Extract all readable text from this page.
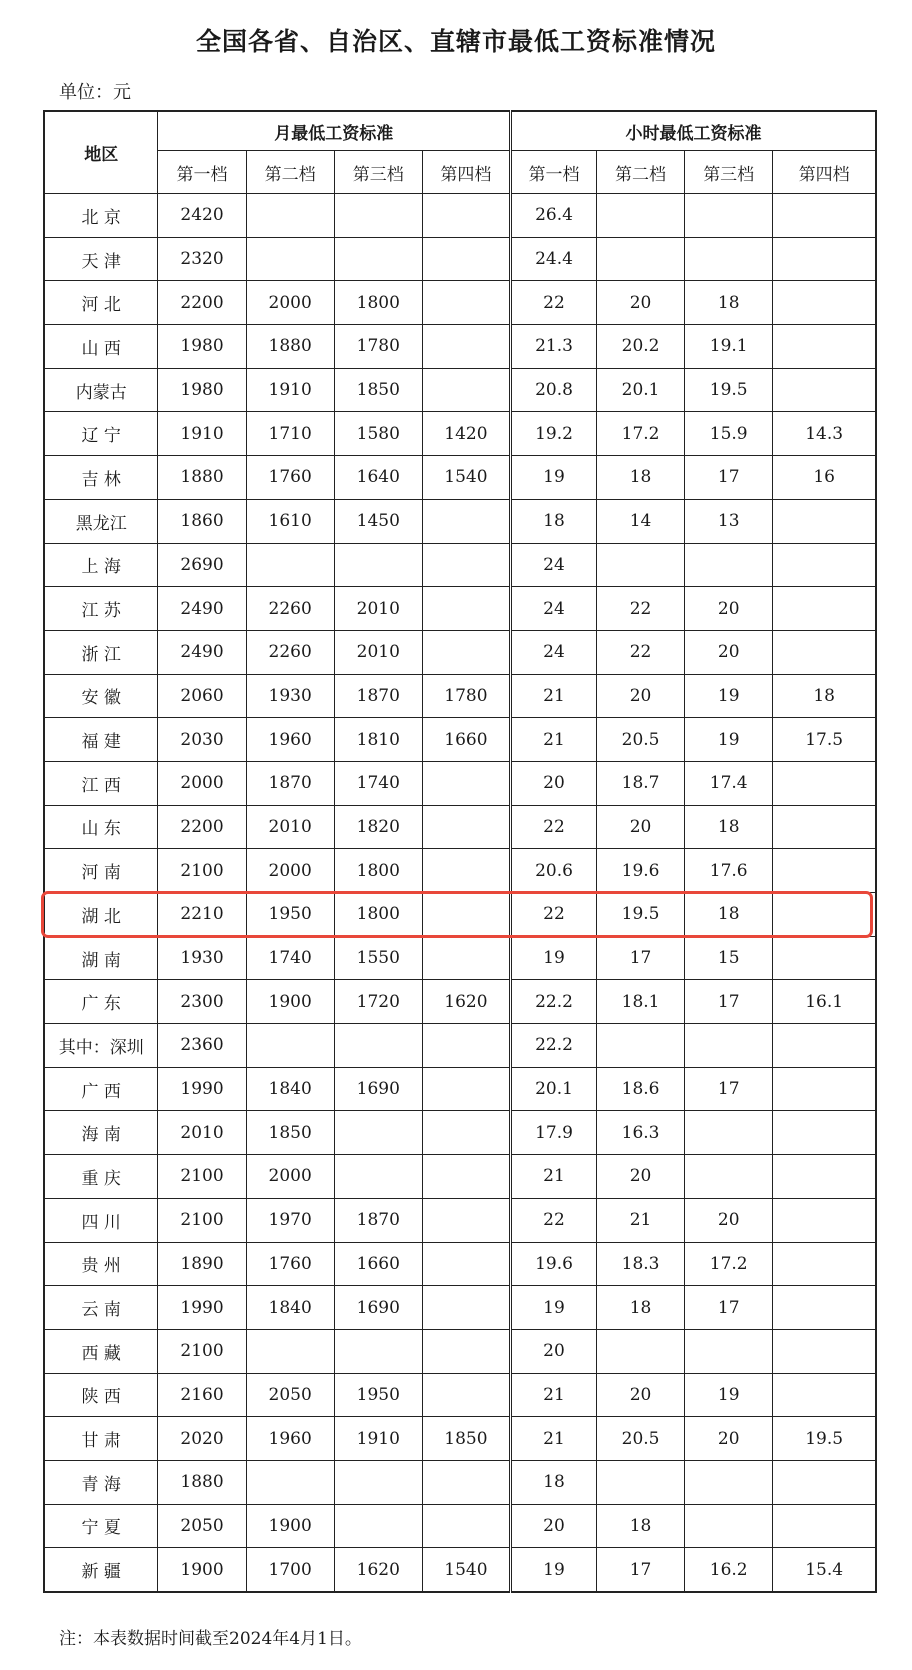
全国各省、自治区、直辖市最低工资标准情况
单位：元
地区	月最低工资标准				小时最低工资标准			
	第一档	第二档	第三档	第四档	第一档	第二档	第三档	第四档
北 京	2420				26.4			
天 津	2320				24.4			
河 北	2200	2000	1800		22	20	18	
山 西	1980	1880	1780		21.3	20.2	19.1	
内蒙古	1980	1910	1850		20.8	20.1	19.5	
辽 宁	1910	1710	1580	1420	19.2	17.2	15.9	14.3
吉 林	1880	1760	1640	1540	19	18	17	16
黑龙江	1860	1610	1450		18	14	13	
上 海	2690				24			
江 苏	2490	2260	2010		24	22	20	
浙 江	2490	2260	2010		24	22	20	
安 徽	2060	1930	1870	1780	21	20	19	18
福 建	2030	1960	1810	1660	21	20.5	19	17.5
江 西	2000	1870	1740		20	18.7	17.4	
山 东	2200	2010	1820		22	20	18	
河 南	2100	2000	1800		20.6	19.6	17.6	
湖 北	2210	1950	1800		22	19.5	18	
湖 南	1930	1740	1550		19	17	15	
广 东	2300	1900	1720	1620	22.2	18.1	17	16.1
其中：深圳	2360				22.2			
广 西	1990	1840	1690		20.1	18.6	17	
海 南	2010	1850			17.9	16.3		
重 庆	2100	2000			21	20		
四 川	2100	1970	1870		22	21	20	
贵 州	1890	1760	1660		19.6	18.3	17.2	
云 南	1990	1840	1690		19	18	17	
西 藏	2100				20			
陕 西	2160	2050	1950		21	20	19	
甘 肃	2020	1960	1910	1850	21	20.5	20	19.5
青 海	1880				18			
宁 夏	2050	1900			20	18		
新 疆	1900	1700	1620	1540	19	17	16.2	15.4
注：本表数据时间截至2024年4月1日。
